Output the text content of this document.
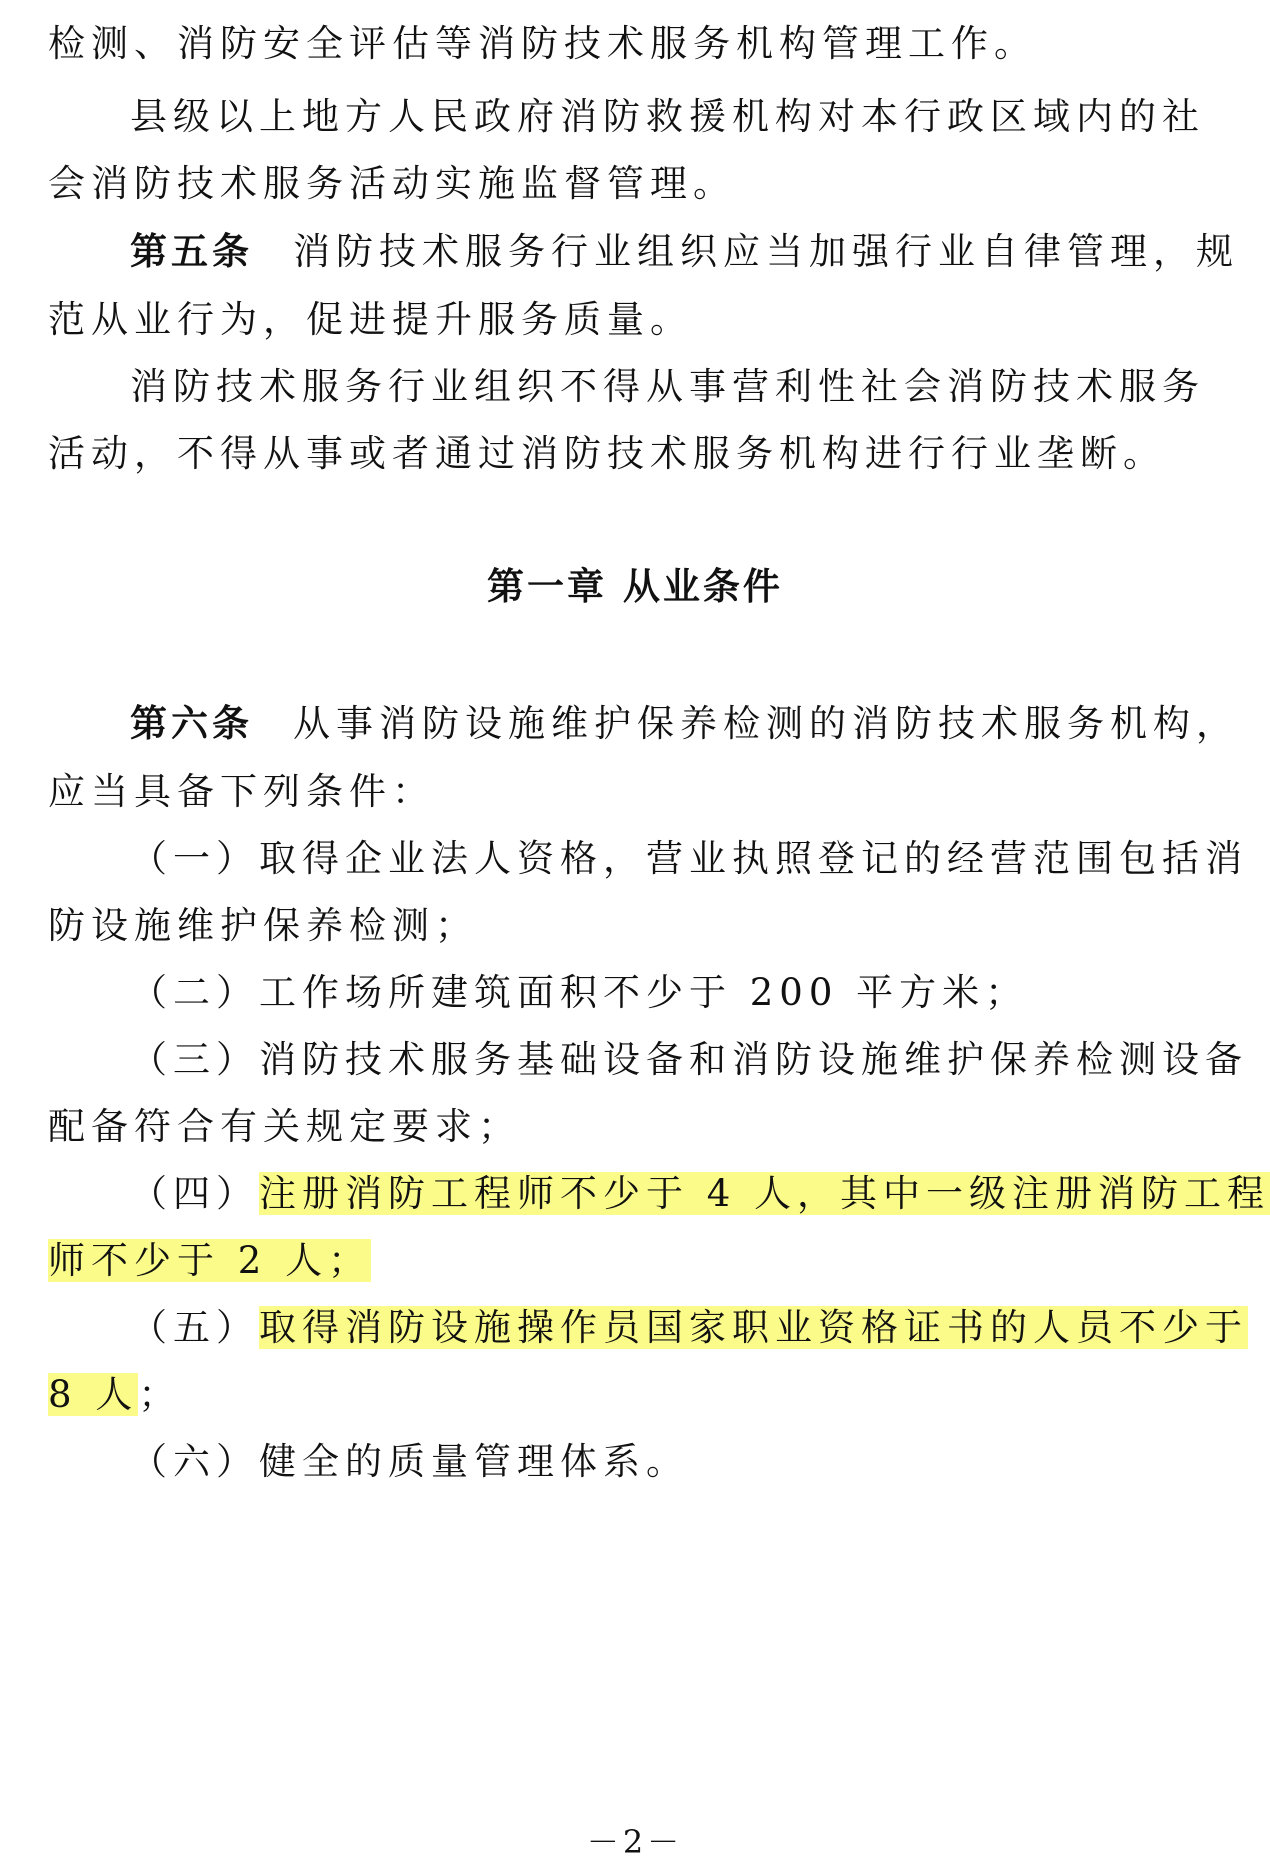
检测、消防安全评估等消防技术服务机构管理工作。
县级以上地方人民政府消防救援机构对本行政区域内的社
会消防技术服务活动实施监督管理。
第五条 消防技术服务行业组织应当加强行业自律管理，规
范从业行为，促进提升服务质量。
消防技术服务行业组织不得从事营利性社会消防技术服务
活动，不得从事或者通过消防技术服务机构进行行业垄断。
第一章 从业条件
第六条 从事消防设施维护保养检测的消防技术服务机构，
应当具备下列条件：
（一）取得企业法人资格，营业执照登记的经营范围包括消
防设施维护保养检测；
（二）工作场所建筑面积不少于 200 平方米；
（三）消防技术服务基础设备和消防设施维护保养检测设备
配备符合有关规定要求；
（四）注册消防工程师不少于 4 人，其中一级注册消防工程
师不少于 2 人；
（五）取得消防设施操作员国家职业资格证书的人员不少于
8 人；
（六）健全的质量管理体系。
－2－
